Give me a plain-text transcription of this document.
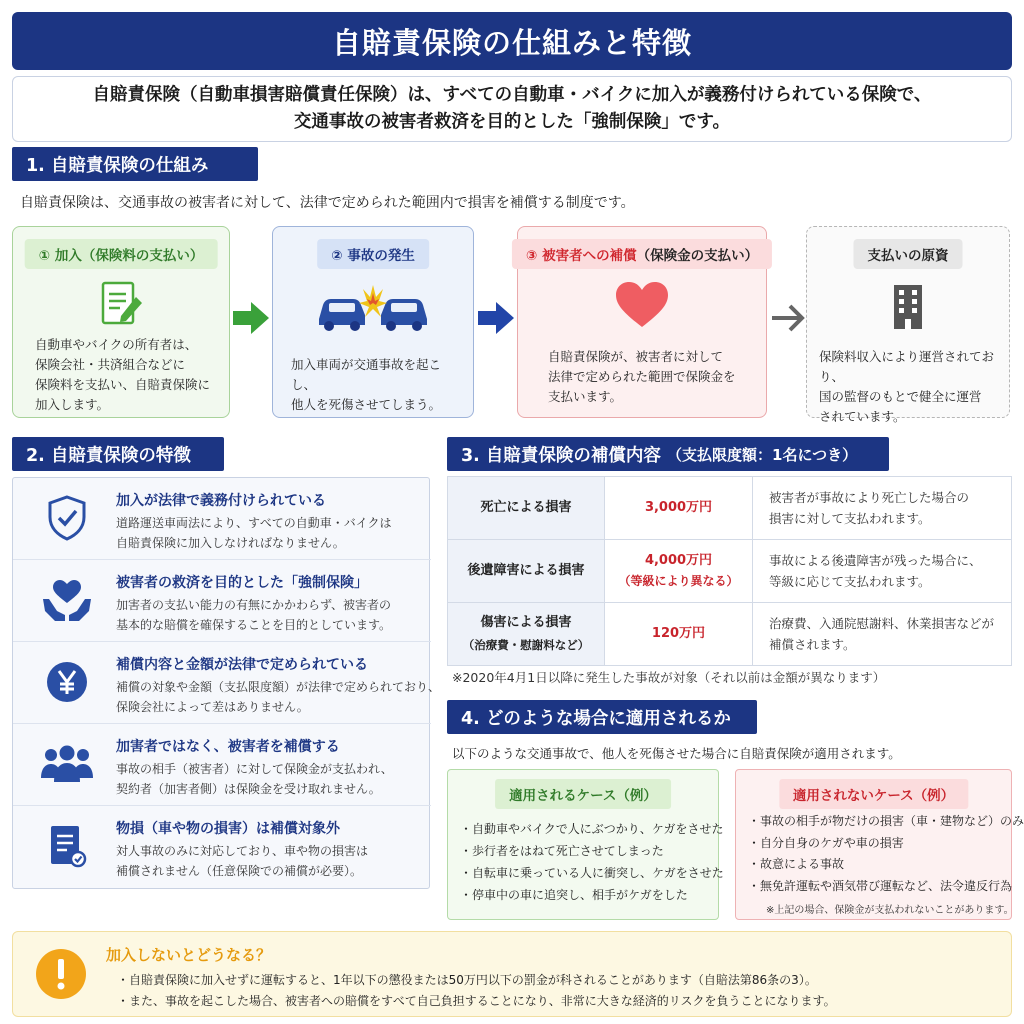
自賠責保険の仕組みと特徴
自賠責保険（自動車損害賠償責任保険）は、すべての自動車・バイクに加入が義務付けられている保険で、
交通事故の被害者救済を目的とした「強制保険」です。
1. 自賠責保険の仕組み
自賠責保険は、交通事故の被害者に対して、法律で定められた範囲内で損害を補償する制度です。
① 加入（保険料の支払い）
自動車やバイクの所有者は、
保険会社・共済組合などに
保険料を支払い、自賠責保険に
加入します。
② 事故の発生
加入車両が交通事故を起こし、
他人を死傷させてしまう。
③ 被害者への補償（保険金の支払い）
自賠責保険が、被害者に対して
法律で定められた範囲で保険金を
支払います。
支払いの原資
保険料収入により運営されており、
国の監督のもとで健全に運営
されています。
2. 自賠責保険の特徴
加入が法律で義務付けられている
道路運送車両法により、すべての自動車・バイクは
自賠責保険に加入しなければなりません。
被害者の救済を目的とした「強制保険」
加害者の支払い能力の有無にかかわらず、被害者の
基本的な賠償を確保することを目的としています。
補償内容と金額が法律で定められている
補償の対象や金額（支払限度額）が法律で定められており、
保険会社によって差はありません。
加害者ではなく、被害者を補償する
事故の相手（被害者）に対して保険金が支払われ、
契約者（加害者側）は保険金を受け取れません。
物損（車や物の損害）は補償対象外
対人事故のみに対応しており、車や物の損害は
補償されません（任意保険での補償が必要）。
3. 自賠責保険の補償内容
（支払限度額：1名につき）
死亡による損害	3,000万円	被害者が事故により死亡した場合の
損害に対して支払われます。

後遺障害による損害	4,000万円
（等級により異なる）	事故による後遺障害が残った場合に、
等級に応じて支払われます。

傷害による損害
（治療費・慰謝料など）	120万円	治療費、入通院慰謝料、休業損害などが
補償されます。
※2020年4月1日以降に発生した事故が対象（それ以前は金額が異なります）
4. どのような場合に適用されるか
以下のような交通事故で、他人を死傷させた場合に自賠責保険が適用されます。
適用されるケース（例）
・ 自動車やバイクで人にぶつかり、ケガをさせた
・ 歩行者をはねて死亡させてしまった
・ 自転車に乗っている人に衝突し、ケガをさせた
・ 停車中の車に追突し、相手がケガをした
適用されないケース（例）
・ 事故の相手が物だけの損害（車・建物など）のみ
・ 自分自身のケガや車の損害
・ 故意による事故
・ 無免許運転や酒気帯び運転など、法令違反行為
※上記の場合、保険金が支払われないことがあります。
加入しないとどうなる？
・自賠責保険に加入せずに運転すると、1年以下の懲役または50万円以下の罰金が科されることがあります（自賠法第86条の3）。
・また、事故を起こした場合、被害者への賠償をすべて自己負担することになり、非常に大きな経済的リスクを負うことになります。
